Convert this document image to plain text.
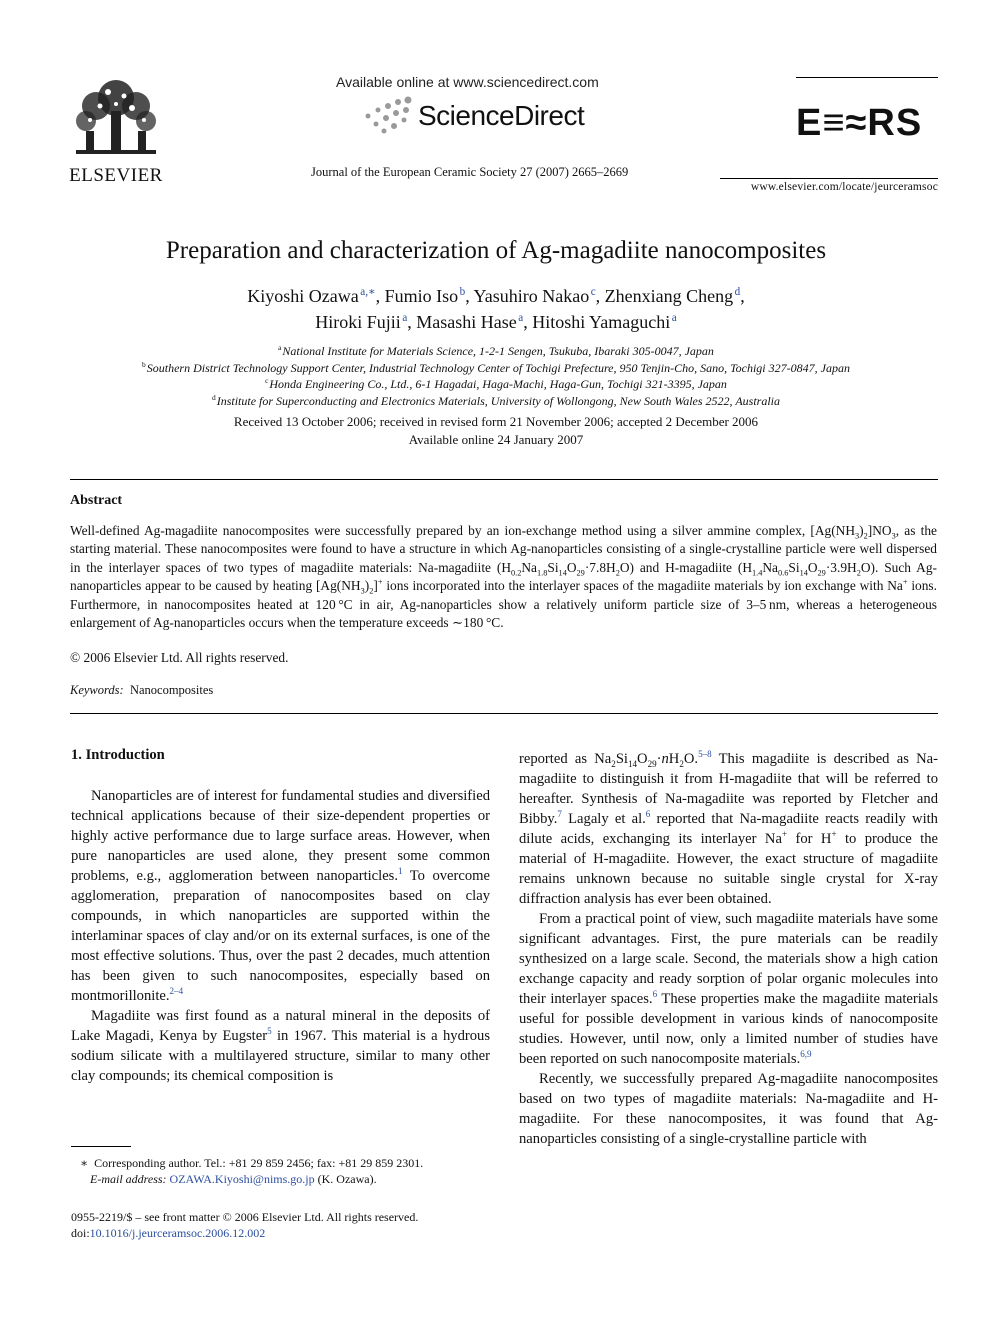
ELSEVIER
Available online at www.sciencedirect.com
ScienceDirect
Journal of the European Ceramic Society 27 (2007) 2665–2669
E≡≈RS
www.elsevier.com/locate/jeurceramsoc
Preparation and characterization of Ag-magadiite nanocomposites
Kiyoshi Ozawa  $^{a,∗}$, Fumio Iso  $^b$, Yasuhiro Nakao  $^c$, Zhenxiang Cheng  $^d$,
Hiroki Fujii  $^a$, Masashi Hase  $^a$, Hitoshi Yamaguchi  $^a$
$^a$ National Institute for Materials Science, 1-2-1 Sengen, Tsukuba, Ibaraki 305-0047, Japan
$^b$ Southern District Technology Support Center, Industrial Technology Center of Tochigi Prefecture, 950 Tenjin-Cho, Sano, Tochigi 327-0847, Japan
$^c$ Honda Engineering Co., Ltd., 6-1 Hagadai, Haga-Machi, Haga-Gun, Tochigi 321-3395, Japan
$^d$ Institute for Superconducting and Electronics Materials, University of Wollongong, New South Wales 2522, Australia
Received 13 October 2006; received in revised form 21 November 2006; accepted 2 December 2006
Available online 24 January 2007
Abstract
Well-defined Ag-magadiite nanocomposites were successfully prepared by an ion-exchange method using a silver ammine complex, $[Ag(NH_3)_2]NO_3$, as the starting material. These nanocomposites were found to have a structure in which Ag-nanoparticles consisting of a single-crystalline particle were well dispersed in the interlayer spaces of two types of magadiite materials: Na-magadiite $(H_{0.2}Na_{1.8}Si_{14}O_{29}\cdot 7.8H_2O)$ and H-magadiite $(H_{1.4}Na_{0.6}Si_{14}O_{29}\cdot 3.9H_2O)$. Such Ag-nanoparticles appear to be caused by heating $[Ag(NH_3)_2]^+$ ions incorporated into the interlayer spaces of the magadiite materials by ion exchange with Na+ ions. Furthermore, in nanocomposites heated at 120 °C in air, Ag-nanoparticles show a relatively uniform particle size of 3–5 nm, whereas a heterogeneous enlargement of Ag-nanoparticles occurs when the temperature exceeds ∼180 °C.
© 2006 Elsevier Ltd. All rights reserved.
Keywords: Nanocomposites
1. Introduction

Nanoparticles are of interest for fundamental studies and diversified technical applications because of their size-dependent properties or highly active performance due to large surface areas. However, when pure nanoparticles are used alone, they present some common problems, e.g., agglomeration between nanoparticles.$^1$ To overcome agglomeration, preparation of nanocomposites based on clay compounds, in which nanoparticles are supported within the interlaminar spaces of clay and/or on its external surfaces, is one of the most effective solutions. Thus, over the past 2 decades, much attention has been given to such nanocomposites, especially based on montmorillonite.$^{2-4}$

Magadiite was first found as a natural mineral in the deposits of Lake Magadi, Kenya by Eugster$^5$ in 1967. This material is a hydrous sodium silicate with a multilayered structure, similar to many other clay compounds; its chemical composition is

reported as $Na_2Si_{14}O_{29}\cdot nH_2O.^{5-8}$ This magadiite is described as Na-magadiite to distinguish it from H-magadiite that will be referred to hereafter. Synthesis of Na-magadiite was reported by Fletcher and Bibby.$^7$ Lagaly et al.$^6$ reported that Na-magadiite reacts readily with dilute acids, exchanging its interlayer Na+ for H+ to produce the material of H-magadiite. However, the exact structure of magadiite remains unknown because no suitable single crystal for X-ray diffraction analysis has ever been obtained.

From a practical point of view, such magadiite materials have some significant advantages. First, the pure materials can be readily synthesized on a large scale. Second, the materials show a high cation exchange capacity and ready sorption of polar organic molecules into their interlayer spaces.$^6$ These properties make the magadiite materials useful for possible development in various kinds of nanocomposite studies. However, until now, only a limited number of studies have been reported on such nanocomposite materials.$^{6,9}$

Recently, we successfully prepared Ag-magadiite nanocomposites based on two types of magadiite materials: Na-magadiite and H-magadiite. For these nanocomposites, it was found that Ag-nanoparticles consisting of a single-crystalline particle with

∗ Corresponding author. Tel.: +81 29 859 2456; fax: +81 29 859 2301.
E-mail address: OZAWA.Kiyoshi@nims.go.jp (K. Ozawa).
0955-2219/$ – see front matter © 2006 Elsevier Ltd. All rights reserved.
doi:10.1016/j.jeurceramsoc.2006.12.002
